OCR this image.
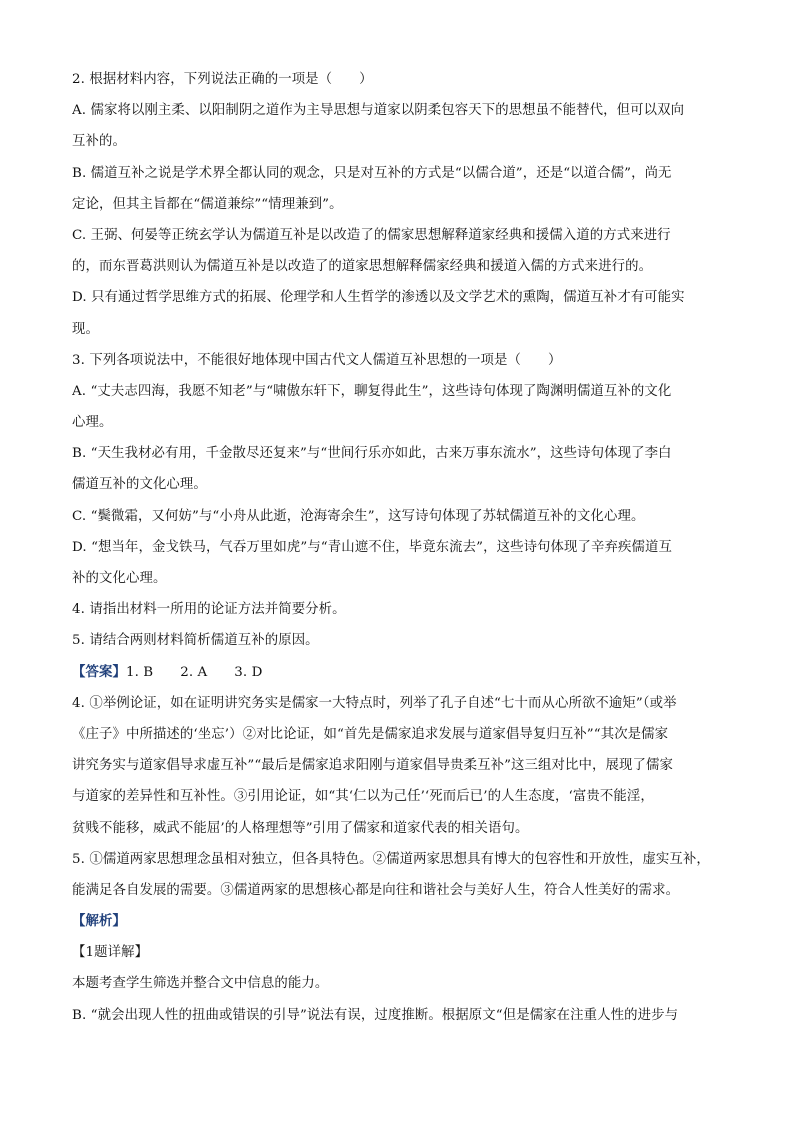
2. 根据材料内容，下列说法正确的一项是（　　）
A. 儒家将以刚主柔、以阳制阴之道作为主导思想与道家以阴柔包容天下的思想虽不能替代，但可以双向
互补的。
B. 儒道互补之说是学术界全都认同的观念，只是对互补的方式是“以儒合道”，还是“以道合儒”，尚无
定论，但其主旨都在“儒道兼综”“情理兼到”。
C. 王弼、何晏等正统玄学认为儒道互补是以改造了的儒家思想解释道家经典和援儒入道的方式来进行
的，而东晋葛洪则认为儒道互补是以改造了的道家思想解释儒家经典和援道入儒的方式来进行的。
D. 只有通过哲学思维方式的拓展、伦理学和人生哲学的渗透以及文学艺术的熏陶，儒道互补才有可能实
现。
3. 下列各项说法中，不能很好地体现中国古代文人儒道互补思想的一项是（　　）
A. “丈夫志四海，我愿不知老”与“啸傲东轩下，聊复得此生”，这些诗句体现了陶渊明儒道互补的文化
心理。
B. “天生我材必有用，千金散尽还复来”与“世间行乐亦如此，古来万事东流水”，这些诗句体现了李白
儒道互补的文化心理。
C. “鬓微霜，又何妨”与“小舟从此逝，沧海寄余生”，这写诗句体现了苏轼儒道互补的文化心理。
D. “想当年，金戈铁马，气吞万里如虎”与“青山遮不住，毕竟东流去”，这些诗句体现了辛弃疾儒道互
补的文化心理。
4. 请指出材料一所用的论证方法并简要分析。
5. 请结合两则材料简析儒道互补的原因。
【答案】1. B　　2. A　　3. D
4. ①举例论证，如在证明讲究务实是儒家一大特点时，列举了孔子自述“七十而从心所欲不逾矩”（或举
《庄子》中所描述的‘坐忘’）②对比论证，如“首先是儒家追求发展与道家倡导复归互补”“其次是儒家
讲究务实与道家倡导求虚互补”“最后是儒家追求阳刚与道家倡导贵柔互补”这三组对比中，展现了儒家
与道家的差异性和互补性。③引用论证，如“其‘仁以为己任’‘死而后已’的人生态度，‘富贵不能淫，
贫贱不能移，威武不能屈’的人格理想等”引用了儒家和道家代表的相关语句。
5. ①儒道两家思想理念虽相对独立，但各具特色。②儒道两家思想具有博大的包容性和开放性，虚实互补，
能满足各自发展的需要。③儒道两家的思想核心都是向往和谐社会与美好人生，符合人性美好的需求。
【解析】
【1题详解】
本题考查学生筛选并整合文中信息的能力。
B. “就会出现人性的扭曲或错误的引导”说法有误，过度推断。根据原文“但是儒家在注重人性的进步与
